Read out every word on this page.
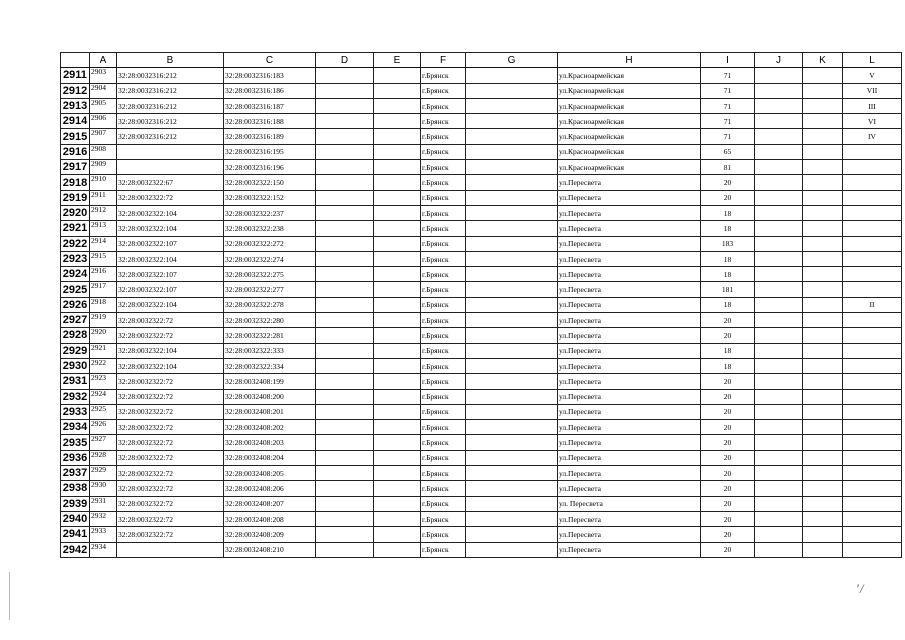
	A	B	C	D	E	F	G	H	I	J	K	L
2911	2903	32:28:0032316:212	32:28:0032316:183			г.Брянск		ул.Красноармейская	71			V
2912	2904	32:28:0032316:212	32:28:0032316:186			г.Брянск		ул.Красноармейская	71			VII
2913	2905	32:28:0032316:212	32:28:0032316:187			г.Брянск		ул.Красноармейская	71			III
2914	2906	32:28:0032316:212	32:28:0032316:188			г.Брянск		ул.Красноармейская	71			VI
2915	2907	32:28:0032316:212	32:28:0032316:189			г.Брянск		ул.Красноармейская	71			IV
2916	2908		32:28:0032316:195			г.Брянск		ул.Красноармейская	65			
2917	2909		32:28:0032316:196			г.Брянск		ул.Красноармейская	81			
2918	2910	32:28:0032322:67	32:28:0032322:150			г.Брянск		ул.Пересвета	20			
2919	2911	32:28:0032322:72	32:28:0032322:152			г.Брянск		ул.Пересвета	20			
2920	2912	32:28:0032322:104	32:28:0032322:237			г.Брянск		ул.Пересвета	18			
2921	2913	32:28:0032322:104	32:28:0032322:238			г.Брянск		ул.Пересвета	18			
2922	2914	32:28:0032322:107	32:28:0032322:272			г.Брянск		ул.Пересвета	183			
2923	2915	32:28:0032322:104	32:28:0032322:274			г.Брянск		ул.Пересвета	18			
2924	2916	32:28:0032322:107	32:28:0032322:275			г.Брянск		ул.Пересвета	18			
2925	2917	32:28:0032322:107	32:28:0032322:277			г.Брянск		ул.Пересвета	181			
2926	2918	32:28:0032322:104	32:28:0032322:278			г.Брянск		ул.Пересвета	18			II
2927	2919	32:28:0032322:72	32:28:0032322:280			г.Брянск		ул.Пересвета	20			
2928	2920	32:28:0032322:72	32:28:0032322:281			г.Брянск		ул.Пересвета	20			
2929	2921	32:28:0032322:104	32:28:0032322:333			г.Брянск		ул.Пересвета	18			
2930	2922	32:28:0032322:104	32:28:0032322:334			г.Брянск		ул.Пересвета	18			
2931	2923	32:28:0032322:72	32:28:0032408:199			г.Брянск		ул.Пересвета	20			
2932	2924	32:28:0032322:72	32:28:0032408:200			г.Брянск		ул.Пересвета	20			
2933	2925	32:28:0032322:72	32:28:0032408:201			г.Брянск		ул.Пересвета	20			
2934	2926	32:28:0032322:72	32:28:0032408:202			г.Брянск		ул.Пересвета	20			
2935	2927	32:28:0032322:72	32:28:0032408:203			г.Брянск		ул.Пересвета	20			
2936	2928	32:28:0032322:72	32:28:0032408:204			г.Брянск		ул.Пересвета	20			
2937	2929	32:28:0032322:72	32:28:0032408:205			г.Брянск		ул.Пересвета	20			
2938	2930	32:28:0032322:72	32:28:0032408:206			г.Брянск		ул.Пересвета	20			
2939	2931	32:28:0032322:72	32:28:0032408:207			г.Брянск		ул. Пересвета	20			
2940	2932	32:28:0032322:72	32:28:0032408:208			г.Брянск		ул.Пересвета	20			
2941	2933	32:28:0032322:72	32:28:0032408:209			г.Брянск		ул.Пересвета	20			
2942	2934		32:28:0032408:210			г.Брянск		ул.Пересвета	20			
′/
